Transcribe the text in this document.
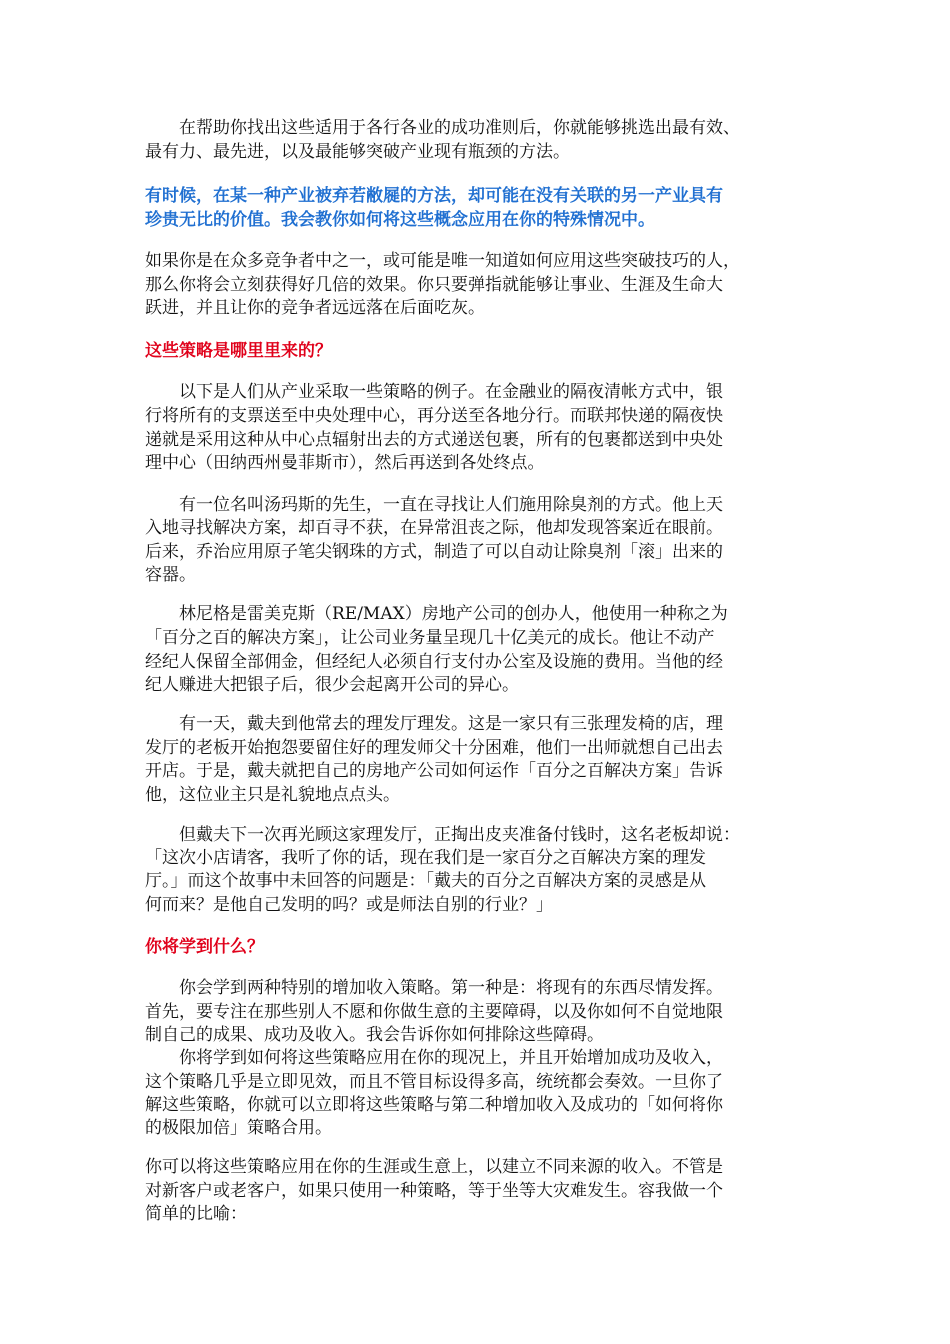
　　在帮助你找出这些适用于各行各业的成功准则后，你就能够挑选出最有效、
最有力、最先进，以及最能够突破产业现有瓶颈的方法。
有时候，在某一种产业被弃若敝屣的方法，却可能在没有关联的另一产业具有
珍贵无比的价值。我会教你如何将这些概念应用在你的特殊情况中。
如果你是在众多竞争者中之一，或可能是唯一知道如何应用这些突破技巧的人，
那么你将会立刻获得好几倍的效果。你只要弹指就能够让事业、生涯及生命大
跃进，并且让你的竞争者远远落在后面吃灰。
这些策略是哪里里来的？
　　以下是人们从产业采取一些策略的例子。在金融业的隔夜清帐方式中，银
行将所有的支票送至中央处理中心，再分送至各地分行。而联邦快递的隔夜快
递就是采用这种从中心点辐射出去的方式递送包裹，所有的包裹都送到中央处
理中心（田纳西州曼菲斯市），然后再送到各处终点。
　　有一位名叫汤玛斯的先生，一直在寻找让人们施用除臭剂的方式。他上天
入地寻找解决方案，却百寻不获，在异常沮丧之际，他却发现答案近在眼前。
后来，乔治应用原子笔尖钢珠的方式，制造了可以自动让除臭剂「滚」出来的
容器。
　　林尼格是雷美克斯（RE/MAX）房地产公司的创办人，他使用一种称之为
「百分之百的解决方案」，让公司业务量呈现几十亿美元的成长。他让不动产
经纪人保留全部佣金，但经纪人必须自行支付办公室及设施的费用。当他的经
纪人赚进大把银子后，很少会起离开公司的异心。
　　有一天，戴夫到他常去的理发厅理发。这是一家只有三张理发椅的店，理
发厅的老板开始抱怨要留住好的理发师父十分困难，他们一出师就想自己出去
开店。于是，戴夫就把自己的房地产公司如何运作「百分之百解决方案」告诉
他，这位业主只是礼貌地点点头。
　　但戴夫下一次再光顾这家理发厅，正掏出皮夹准备付钱时，这名老板却说：
「这次小店请客，我听了你的话，现在我们是一家百分之百解决方案的理发
厅。」而这个故事中未回答的问题是：「戴夫的百分之百解决方案的灵感是从
何而来？是他自己发明的吗？或是师法自别的行业？」
你将学到什么？
　　你会学到两种特别的增加收入策略。第一种是：将现有的东西尽情发挥。
首先，要专注在那些别人不愿和你做生意的主要障碍，以及你如何不自觉地限
制自己的成果、成功及收入。我会告诉你如何排除这些障碍。
　　你将学到如何将这些策略应用在你的现况上，并且开始增加成功及收入，
这个策略几乎是立即见效，而且不管目标设得多高，统统都会奏效。一旦你了
解这些策略，你就可以立即将这些策略与第二种增加收入及成功的「如何将你
的极限加倍」策略合用。
你可以将这些策略应用在你的生涯或生意上，以建立不同来源的收入。不管是
对新客户或老客户，如果只使用一种策略，等于坐等大灾难发生。容我做一个
简单的比喻：
